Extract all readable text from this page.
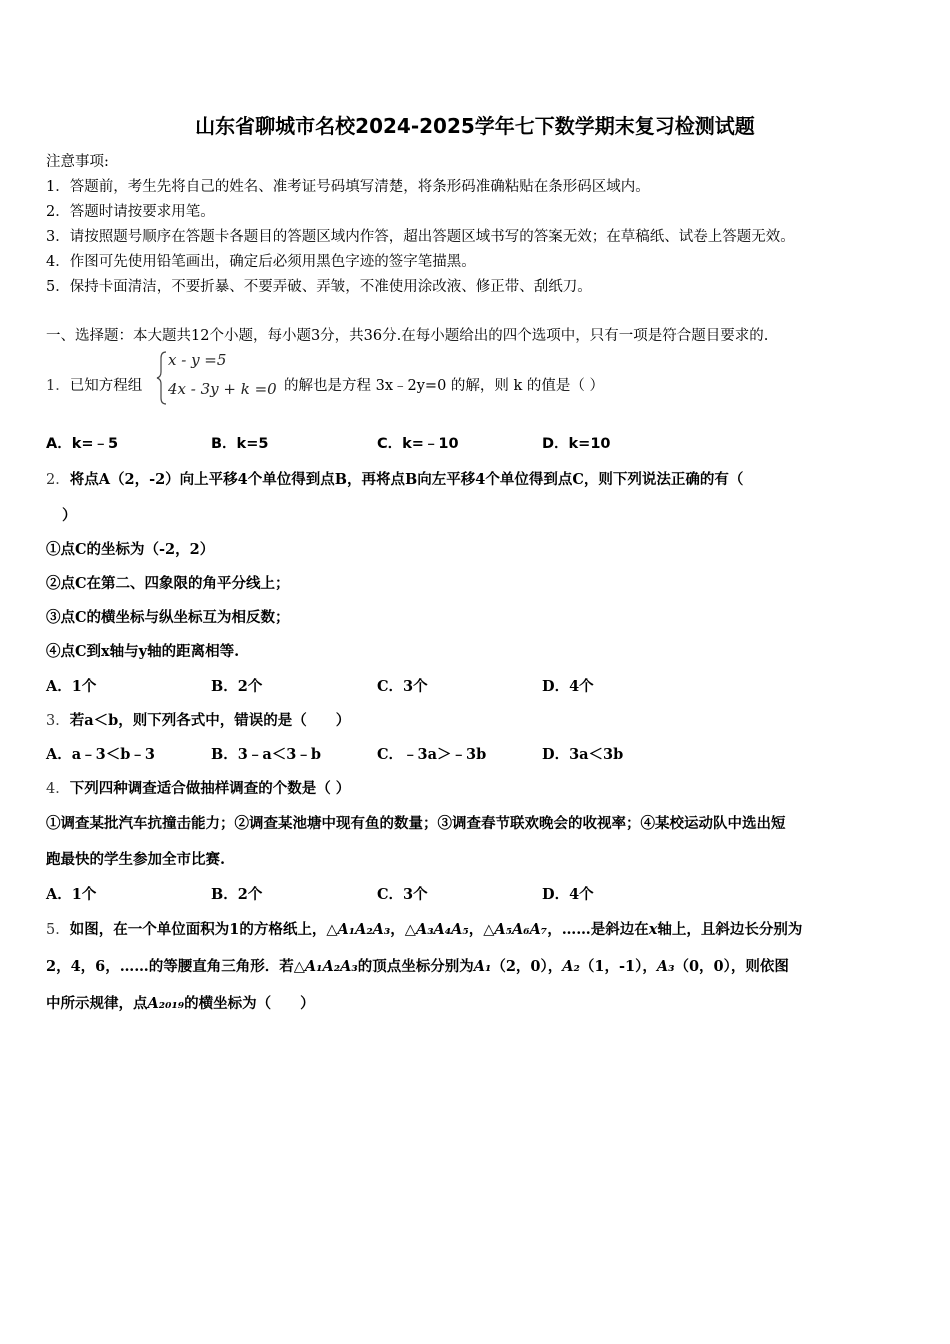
山东省聊城市名校2024-2025学年七下数学期末复习检测试题
注意事项:
1．答题前，考生先将自己的姓名、准考证号码填写清楚，将条形码准确粘贴在条形码区域内。
2．答题时请按要求用笔。
3．请按照题号顺序在答题卡各题目的答题区域内作答，超出答题区域书写的答案无效；在草稿纸、试卷上答题无效。
4．作图可先使用铅笔画出，确定后必须用黑色字迹的签字笔描黑。
5．保持卡面清洁，不要折暴、不要弄破、弄皱，不准使用涂改液、修正带、刮纸刀。
一、选择题：本大题共12个小题，每小题3分，共36分.在每小题给出的四个选项中，只有一项是符合题目要求的.
1．已知方程组
x - y =5
4x - 3y + k =0 的解也是方程 3x﹣2y=0 的解，则 k 的值是（ ）
A．k=﹣5	B．k=5	C．k=﹣10	D．k=10
2．将点A（2，-2）向上平移4个单位得到点B，再将点B向左平移4个单位得到点C，则下列说法正确的有（
）
①点C的坐标为（-2，2）
②点C在第二、四象限的角平分线上；
③点C的横坐标与纵坐标互为相反数；
④点C到x轴与y轴的距离相等.
A．1个	B．2个	C．3个	D．4个
3．若a＜b，则下列各式中，错误的是（　　）
A．a﹣3＜b﹣3	B．3﹣a＜3﹣b	C．﹣3a＞﹣3b	D．3a＜3b
4．下列四种调查适合做抽样调查的个数是（ ）
①调查某批汽车抗撞击能力；②调查某池塘中现有鱼的数量；③调查春节联欢晚会的收视率；④某校运动队中选出短
跑最快的学生参加全市比赛.
A．1个	B．2个	C．3个	D．4个
5．如图，在一个单位面积为1的方格纸上，△A₁A₂A₃，△A₃A₄A₅，△A₅A₆A₇，……是斜边在x轴上，且斜边长分别为
2，4，6，……的等腰直角三角形．若△A₁A₂A₃的顶点坐标分别为A₁（2，0），A₂（1，-1），A₃（0，0），则依图
中所示规律，点A₂₀₁₉的横坐标为（　　）
